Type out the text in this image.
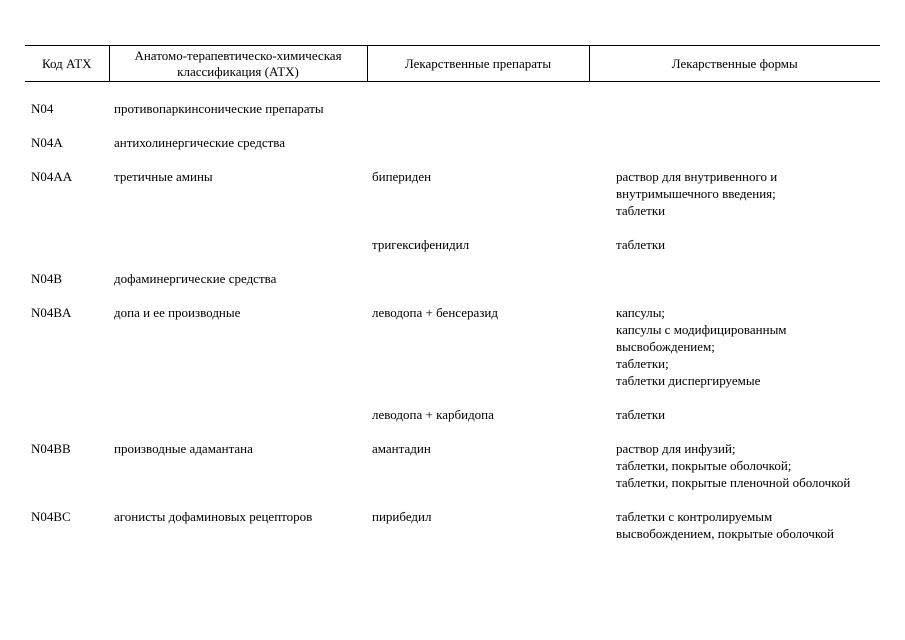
Код АТХ	Анатомо-терапевтическо-химическая
классификация (АТХ)	Лекарственные препараты	Лекарственные формы
N04	противопаркинсонические препараты		
N04A	антихолинергические средства		
N04AA	третичные амины	бипериден	раствор для внутривенного и
внутримышечного введения;
таблетки

		тригексифенидил	таблетки

N04B	дофаминергические средства		
N04BA	допа и ее производные	леводопа + бенсеразид	капсулы;
капсулы с модифицированным
высвобождением;
таблетки;
таблетки диспергируемые

		леводопа + карбидопа	таблетки

N04BB	производные адамантана	амантадин	раствор для инфузий;
таблетки, покрытые оболочкой;
таблетки, покрытые пленочной оболочкой

N04BC	агонисты дофаминовых рецепторов	пирибедил	таблетки с контролируемым
высвобождением, покрытые оболочкой
